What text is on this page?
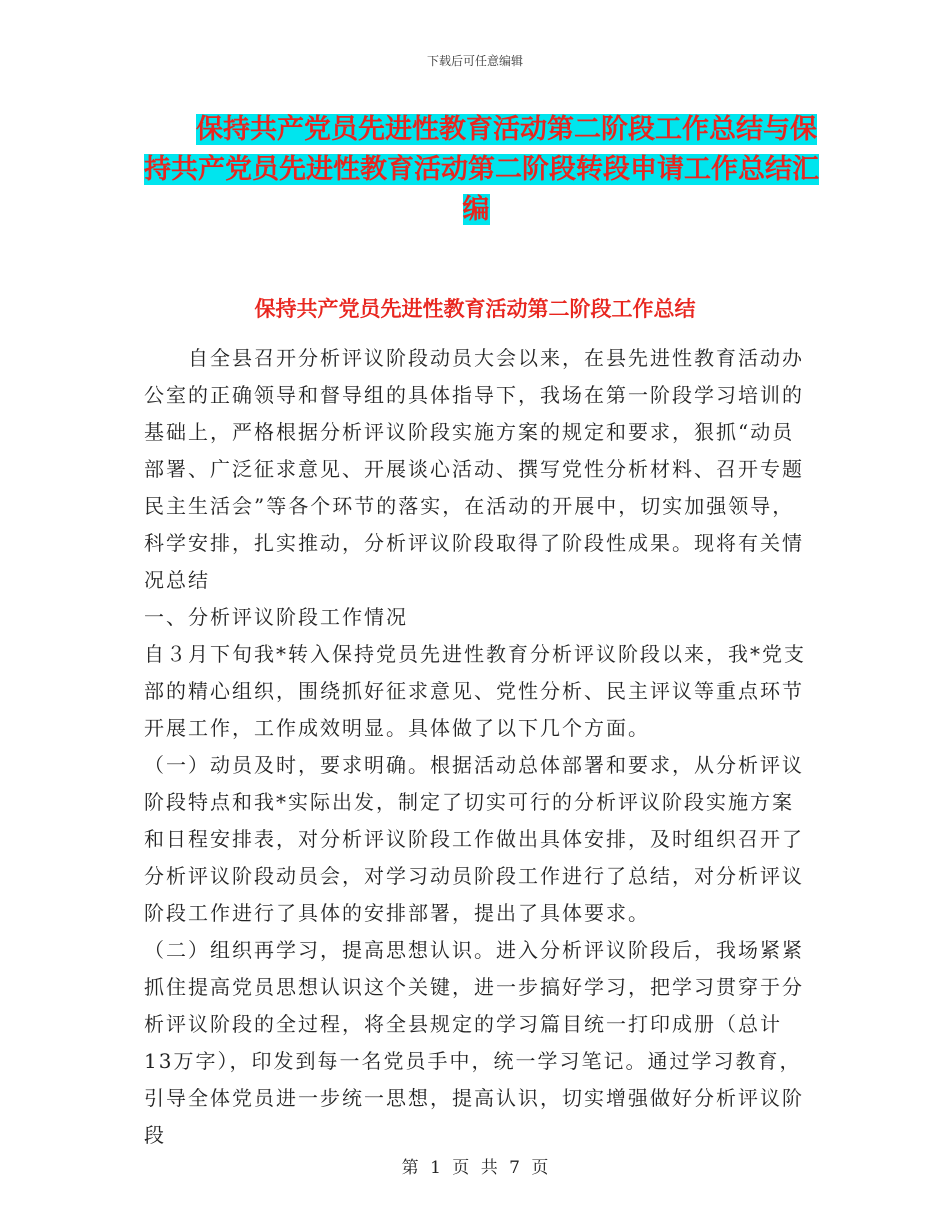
下载后可任意编辑
保持共产党员先进性教育活动第二阶段工作总结与保
持共产党员先进性教育活动第二阶段转段申请工作总结汇
编
保持共产党员先进性教育活动第二阶段工作总结

自全县召开分析评议阶段动员大会以来，在县先进性教育活动办公室的正确领导和督导组的具体指导下，我场在第一阶段学习培训的基础上，严格根据分析评议阶段实施方案的规定和要求，狠抓“动员部署、广泛征求意见、开展谈心活动、撰写党性分析材料、召开专题民主生活会”等各个环节的落实，在活动的开展中，切实加强领导，科学安排，扎实推动，分析评议阶段取得了阶段性成果。现将有关情况总结

一、分析评议阶段工作情况

自３月下旬我*转入保持党员先进性教育分析评议阶段以来，我*党支部的精心组织，围绕抓好征求意见、党性分析、民主评议等重点环节开展工作，工作成效明显。具体做了以下几个方面。

（一）动员及时，要求明确。根据活动总体部署和要求，从分析评议阶段特点和我*实际出发，制定了切实可行的分析评议阶段实施方案和日程安排表，对分析评议阶段工作做出具体安排，及时组织召开了分析评议阶段动员会，对学习动员阶段工作进行了总结，对分析评议阶段工作进行了具体的安排部署，提出了具体要求。

（二）组织再学习，提高思想认识。进入分析评议阶段后，我场紧紧抓住提高党员思想认识这个关键，进一步搞好学习，把学习贯穿于分析评议阶段的全过程，将全县规定的学习篇目统一打印成册（总计13万字），印发到每一名党员手中，统一学习笔记。通过学习教育，引导全体党员进一步统一思想，提高认识，切实增强做好分析评议阶段

第 1 页 共 7 页
